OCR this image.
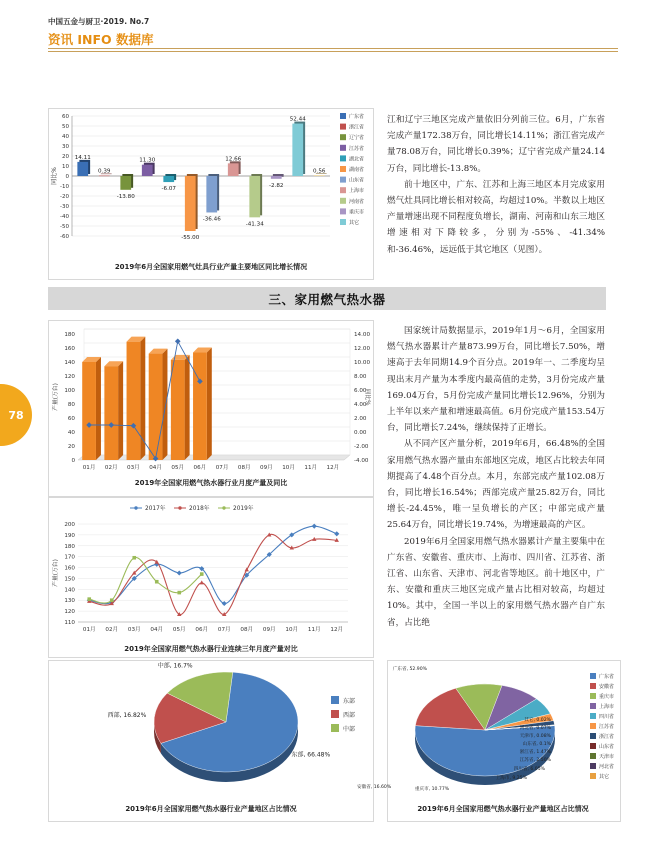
中国五金与厨卫·2019. No.7
资讯 INFO 数据库
78
60
50
40
30
20
10
0
-10
-20
-30
-40
-50
-60
同比%
14.11
0.39
-13.80
11.30
-6.07
-55.00
-36.46
12.66
-41.34
-2.82
52.44
0.56
广东省
浙江省
辽宁省
江苏省
湖北省
湖南省
山东省
上海市
河南省
重庆市
其它
2019年6月全国家用燃气灶具行业产量主要地区同比增长情况

江和辽宁三地区完成产量依旧分列前三位。6月，广东省完成产量172.38万台，同比增长14.11%；浙江省完成产量78.08万台，同比增长0.39%；辽宁省完成产量24.14万台，同比增长-13.8%。

前十地区中，广东、江苏和上海三地区本月完成家用燃气灶具同比增长相对较高，均超过10%。半数以上地区产量增速出现不同程度负增长，湖南、河南和山东三地区增速相对下降较多，分别为-55%、-41.34%和-36.46%，远远低于其它地区（见图）。

三、家用燃气热水器
180
160
140
120
100
80
60
40
20
0
14.00
12.00
10.00
8.00
6.00
4.00
2.00
0.00
-2.00
-4.00
产量(万台)	同比%
01月 02月 03月 04月 05月 06月 07月 08月 09月 10月 11月 12月
2019年全国家用燃气热水器行业月度产量及同比
200
190
180
170
160
150
140
130
120
110
产量(万台)
2017年	2018年	2019年
01月 02月 03月 04月 05月 06月 07月 08月 09月 10月 11月 12月
2019年全国家用燃气热水器行业连续三年月度产量对比

国家统计局数据显示，2019年1月～6月，全国家用燃气热水器累计产量873.99万台，同比增长7.50%，增速高于去年同期14.9个百分点。2019年一、二季度均呈现出末月产量为本季度内最高值的走势，3月份完成产量169.04万台，5月份完成产量同比增长12.96%，分别为上半年以来产量和增速最高值。6月份完成产量153.54万台，同比增长7.24%，继续保持了正增长。

从不同产区产量分析，2019年6月，66.48%的全国家用燃气热水器产量由东部地区完成，地区占比较去年同期提高了4.48个百分点。本月，东部完成产量102.08万台，同比增长16.54%；西部完成产量25.82万台，同比增长-24.45%，唯一呈负增长的产区；中部完成产量25.64万台，同比增长19.74%，为增速最高的产区。

2019年6月全国家用燃气热水器累计产量主要集中在广东省、安徽省、重庆市、上海市、四川省、江苏省、浙江省、山东省、天津市、河北省等地区。前十地区中，广东、安徽和重庆三地区完成产量占比相对较高，均超过10%。其中，全国一半以上的家用燃气热水器产自广东省，占比绝

东部, 66.48%
西部, 16.82%
中部, 16.7%
东部
西部
中部
2019年6月全国家用燃气热水器行业产量地区占比情况
广东省, 52.90%
安徽省, 16.60%	重庆市, 10.77%
上海市, 9.25%
四川省, 6.05%
江苏省, 2.50%
浙江省, 1.47%
山东省, 0.1%
天津市, 0.08%
河北省, 0.07%
其它, 0.02%
广东省
安徽省
重庆市
上海市
四川省
江苏省
浙江省
山东省
天津市
河北省
其它
2019年6月全国家用燃气热水器行业产量地区占比情况
